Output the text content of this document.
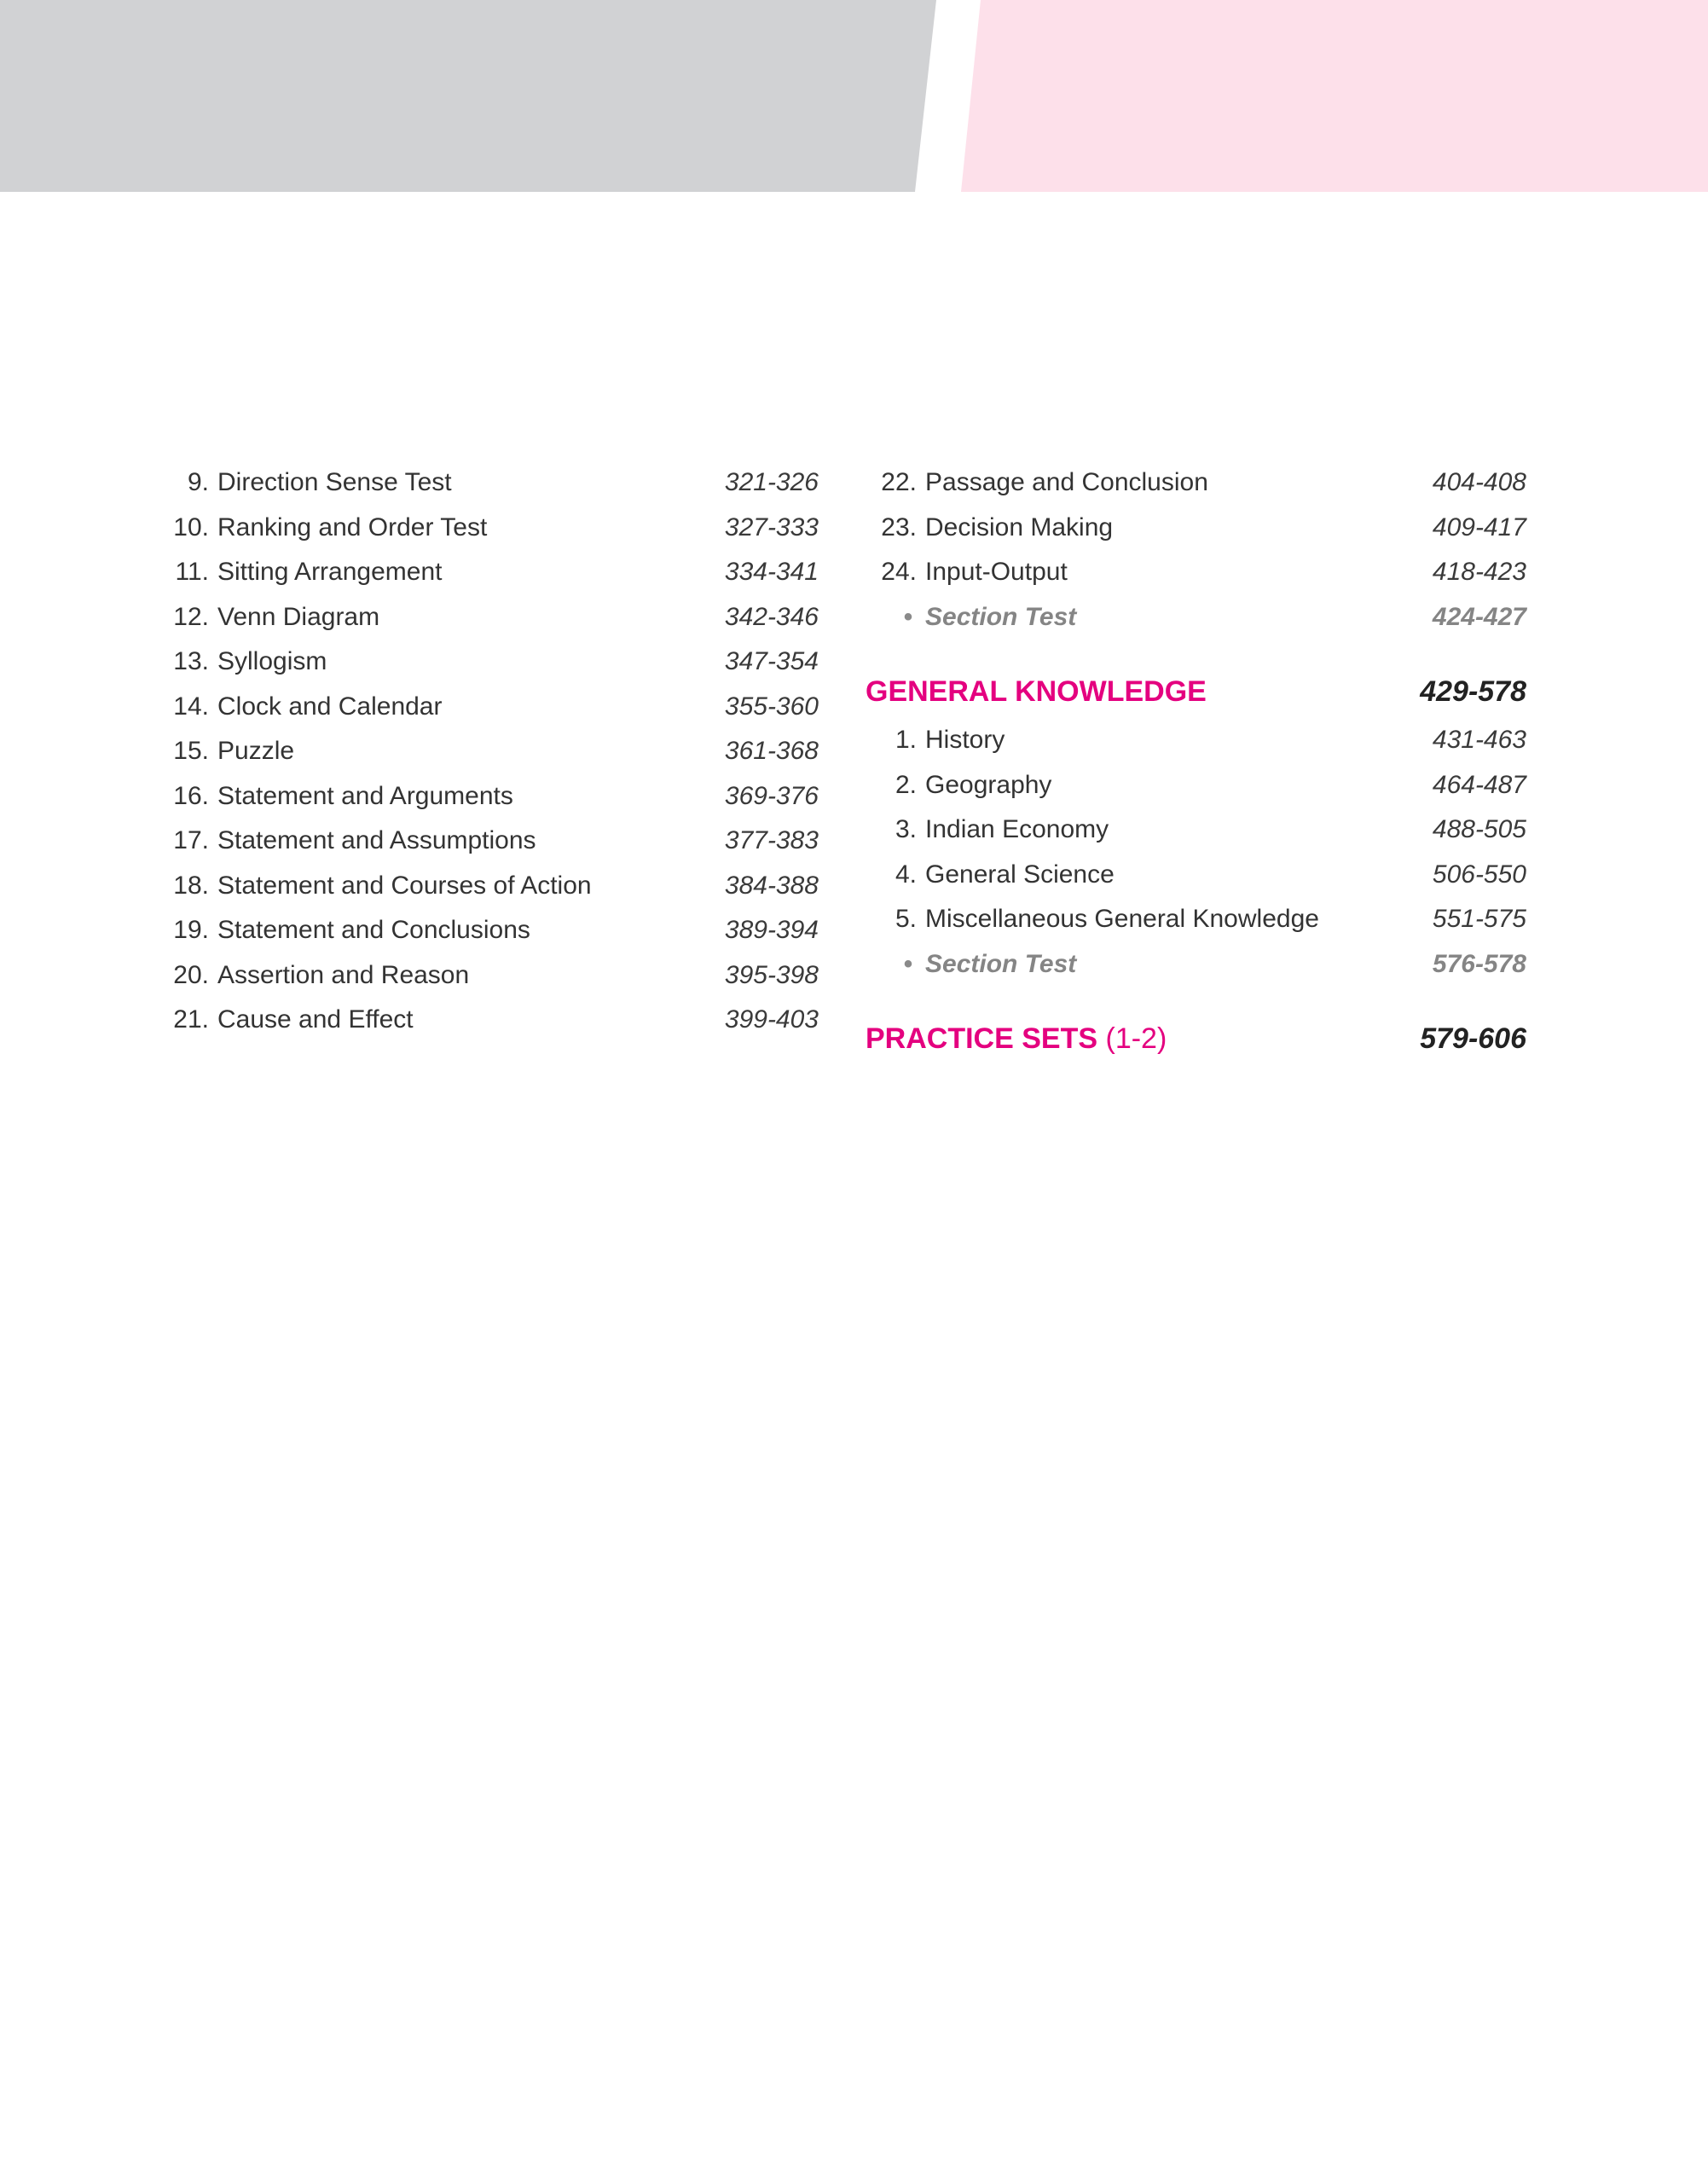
9. Direction Sense Test	321-326
10. Ranking and Order Test	327-333
11. Sitting Arrangement	334-341
12. Venn Diagram	342-346
13. Syllogism	347-354
14. Clock and Calendar	355-360
15. Puzzle	361-368
16. Statement and Arguments	369-376
17. Statement and Assumptions	377-383
18. Statement and Courses of Action	384-388
19. Statement and Conclusions	389-394
20. Assertion and Reason	395-398
21. Cause and Effect	399-403
22. Passage and Conclusion	404-408
23. Decision Making	409-417
24. Input-Output	418-423
• Section Test	424-427
GENERAL KNOWLEDGE	429-578
1. History	431-463
2. Geography	464-487
3. Indian Economy	488-505
4. General Science	506-550
5. Miscellaneous General Knowledge	551-575
• Section Test	576-578
PRACTICE SETS (1-2)	579-606
